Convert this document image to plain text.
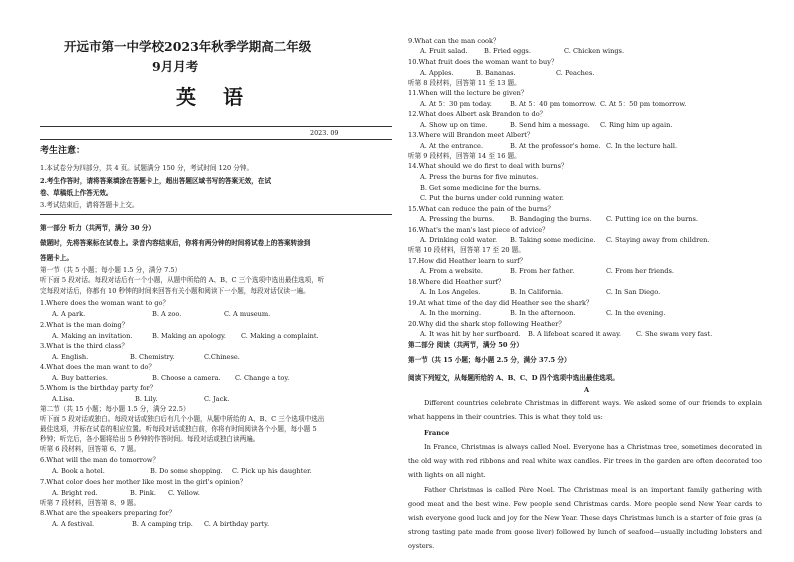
开远市第一中学校2023年秋季学期高二年级
9月月考
英 语
2023. 09
考生注意：
1.本试卷分为四部分，共 4 页。试题满分 150 分，考试时间 120 分钟。
2.考生作答时，请将答案填涂在答题卡上，超出答题区域书写的答案无效，在试
卷、草稿纸上作答无效。
3.考试结束后，请将答题卡上交。
第一部分 听力（共两节，满分 30 分）
做题时，先将答案标在试卷上。录音内容结束后，你将有两分钟的时间将试卷上的答案转涂到
答题卡上。
第一节（共 5 小题；每小题 1.5 分，满分 7.5）
听下面 5 段对话。每段对话后有一个小题，从题中所给的 A、B、C 三个选项中选出最佳选项，听
完每段对话后，你都有 10 秒钟的时间来回答有关小题和阅读下一小题，每段对话仅读一遍。
1.Where does the woman want to go？
A. A park.	B. A zoo.	C. A museum.
2.What is the man doing？
A. Making an invitation.	B. Making an apology. C. Making a complaint.
3.What is the third class？
A. English.	B. Chemistry.	C.Chinese.
4.What does the man want to do？
A. Buy batteries.	B. Choose a camera. C. Change a toy.
5.Whom is the birthday party for？
A.Lisa.	B. Lily.	C. Jack.
第二节（共 15 小题；每小题 1.5 分，满分 22.5）
听下面 5 段对话或独白。每段对话或独白后有几个小题，从题中所给的 A、B、C 三个选项中选出
最佳选项，并标在试卷的相应位置。听每段对话或独白前，你将有时间阅读各个小题，每小题 5
秒钟；听完后，各小题将给出 5 秒钟的作答时间。每段对话或独白读两遍。
听第 6 段材料，回答第 6、7 题。
6.What will the man do tomorrow？
A. Book a hotel.	B. Do some shopping. C. Pick up his daughter.
7.What color does her mother like most in the girl's opinion？
A. Bright red.	B. Pink. C. Yellow.
听第 7 段材料，回答第 8、9 题。
8.What are the speakers preparing for？
A. A festival.	B. A camping trip. C. A birthday party.
9.What can the man cook？
A. Fruit salad.	B. Fried eggs.	C. Chicken wings.
10.What fruit does the woman want to buy？
A. Apples.	B. Bananas.	C. Peaches.
听第 8 段材料，回答第 11 至 13 题。
11.When will the lecture be given？
A. At 5：30 pm today.	B. At 5：40 pm tomorrow. C. At 5：50 pm tomorrow.
12.What does Albert ask Brandon to do？
A. Show up on time.	B. Send him a message. C. Ring him up again.
13.Where will Brandon meet Albert？
A. At the entrance.	B. At the professor's home. C. In the lecture hall.
听第 9 段材料，回答第 14 至 16 题。
14.What should we do first to deal with burns？
A. Press the burns for five minutes.
B. Get some medicine for the burns.
C. Put the burns under cold running water.
15.What can reduce the pain of the burns？
A. Pressing the burns. B. Bandaging the burns. C. Putting ice on the burns.
16.What's the man's last piece of advice？
A. Drinking cold water. B. Taking some medicine. C. Staying away from children.
听第 10 段材料，回答第 17 至 20 题。
17.How did Heather learn to surf？
A. From a website.	B. From her father.	C. From her friends.
18.Where did Heather surf？
A. In Los Angeles.	B. In California.	C. In San Diego.
19.At what time of the day did Heather see the shark？
A. In the morning.	B. In the afternoon.	C. In the evening.
20.Why did the shark stop following Heather？
A. It was hit by her surfboard. B. A lifeboat scared it away. C. She swam very fast.
第二部分 阅读（共两节，满分 50 分）
第一节（共 15 小题；每小题 2.5 分，满分 37.5 分）
阅读下列短文，从每题所给的 A、B、C、D 四个选项中选出最佳选项。
A
Different countries celebrate Christmas in different ways. We asked some of our friends to explain what happens in their countries. This is what they told us:
France
In France, Christmas is always called Noel. Everyone has a Christmas tree, sometimes decorated in the old way with red ribbons and real white wax candles. Fir trees in the garden are often decorated too with lights on all night.
Father Christmas is called Père Noel. The Christmas meal is an important family gathering with good meat and the best wine. Few people send Christmas cards. More people send New Year cards to wish everyone good luck and joy for the New Year. These days Christmas lunch is a starter of foie gras (a strong tasting pate made from goose liver) followed by lunch of seafood—usually including lobsters and oysters.
